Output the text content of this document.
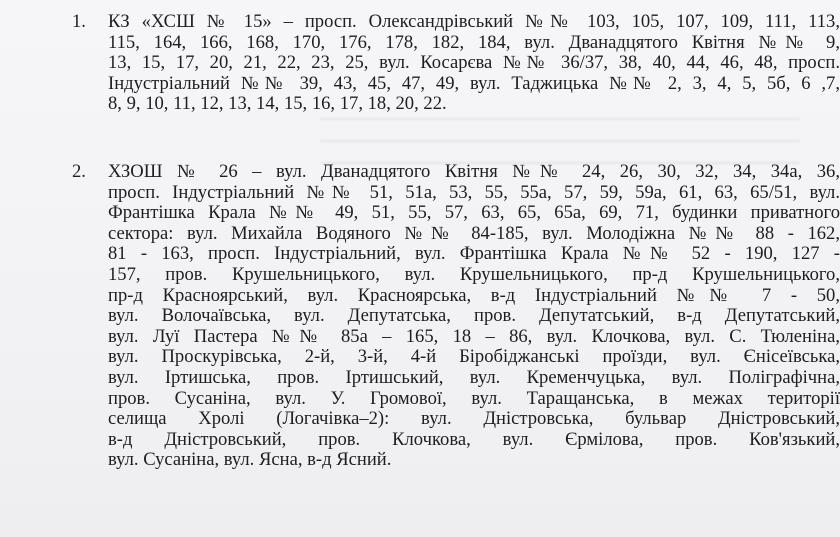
1.	КЗ «ХСШ № 15» – просп. Олександрівський №№ 103, 105, 107, 109, 111, 113,
115, 164, 166, 168, 170, 176, 178, 182, 184, вул. Дванадцятого Квітня №№ 9,
13, 15, 17, 20, 21, 22, 23, 25, вул. Косарєва №№ 36/37, 38, 40, 44, 46, 48, просп.
Індустріальний №№ 39, 43, 45, 47, 49, вул. Таджицька №№ 2, 3, 4, 5, 5б, 6 ,7,
8, 9, 10, 11, 12, 13, 14, 15, 16, 17, 18, 20, 22.
2.	ХЗОШ № 26 – вул. Дванадцятого Квітня №№ 24, 26, 30, 32, 34, 34а, 36,
просп. Індустріальний №№ 51, 51а, 53, 55, 55а, 57, 59, 59а, 61, 63, 65/51, вул.
Франтішка Крала №№ 49, 51, 55, 57, 63, 65, 65а, 69, 71, будинки приватного
сектора: вул. Михайла Водяного №№ 84-185, вул. Молодіжна №№ 88 - 162,
81 - 163, просп. Індустріальний, вул. Франтішка Крала №№ 52 - 190, 127 -
157, пров. Крушельницького, вул. Крушельницького, пр-д Крушельницького,
пр-д Красноярський, вул. Красноярська, в-д Індустріальний №№ 7 - 50,
вул. Волочаївська, вул. Депутатська, пров. Депутатський, в-д Депутатський,
вул. Луї Пастера №№ 85а – 165, 18 – 86, вул. Клочкова, вул. С. Тюленіна,
вул. Проскурівська, 2-й, 3-й, 4-й Біробіджанські проїзди, вул. Єнісеївська,
вул. Іртишська, пров. Іртишський, вул. Кременчуцька, вул. Поліграфічна,
пров. Сусаніна, вул. У. Громової, вул. Таращанська, в межах території
селища Хролі (Логачівка–2): вул. Дністровська, бульвар Дністровський,
в-д Дністровський, пров. Клочкова, вул. Єрмілова, пров. Ков'язький,
вул. Сусаніна, вул. Ясна, в-д Ясний.
